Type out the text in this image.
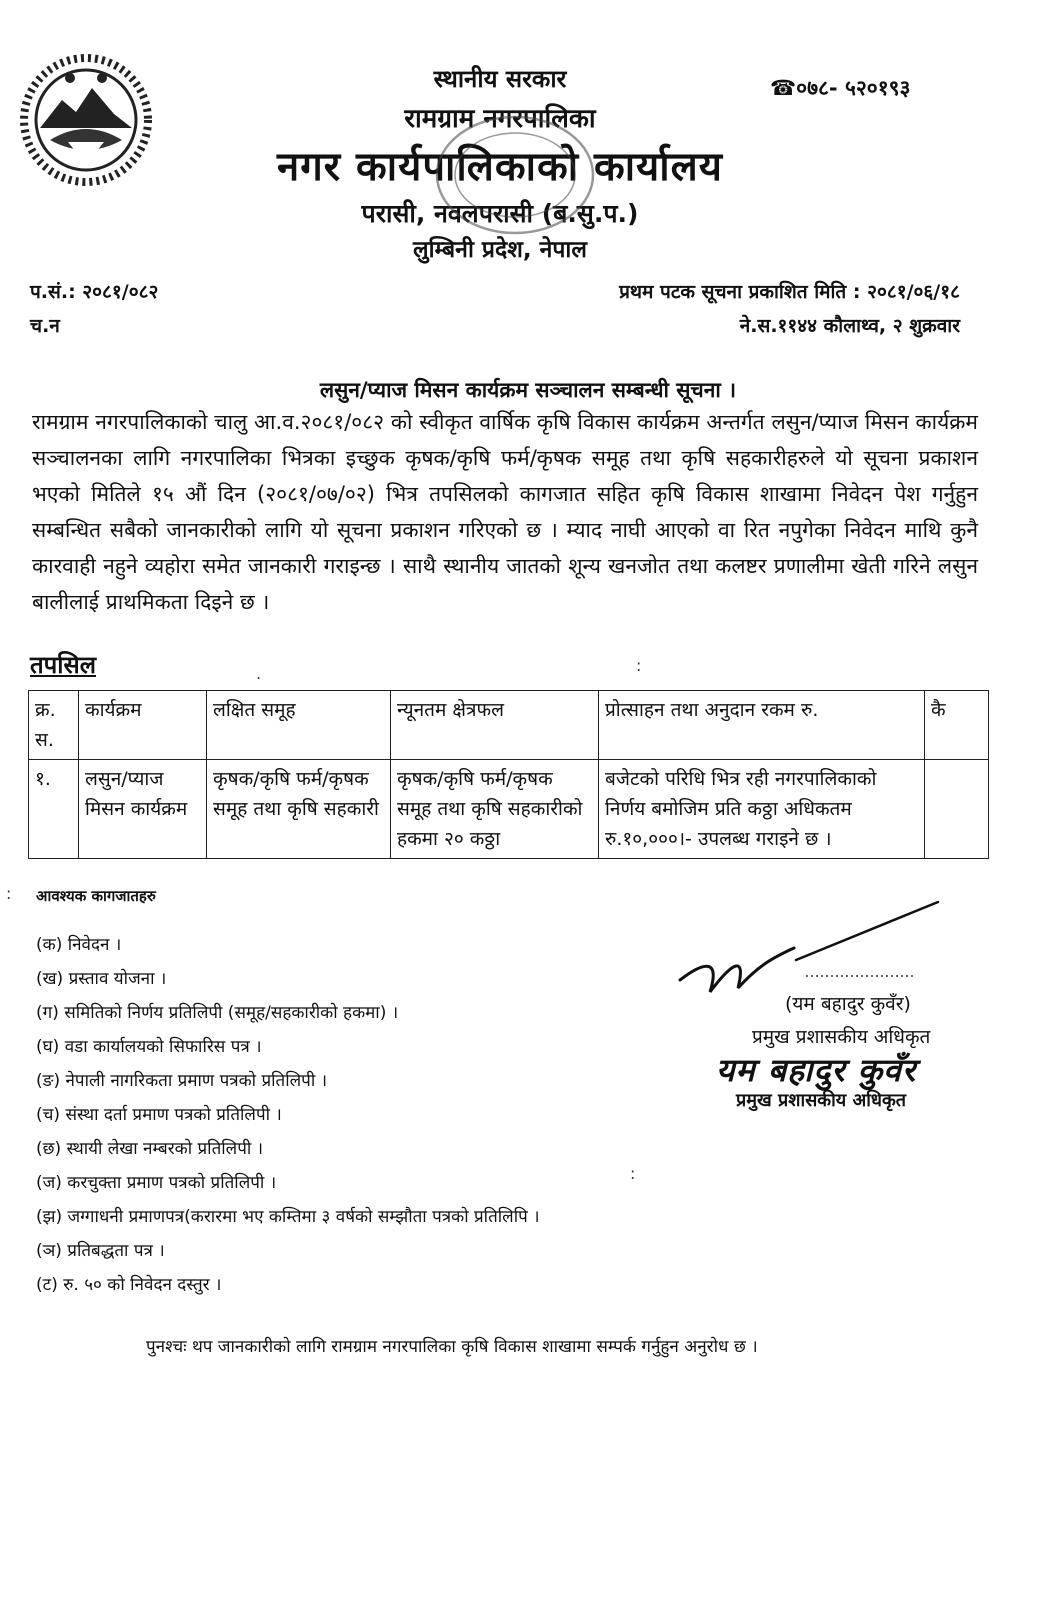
स्थानीय सरकार
रामग्राम नगरपालिका
नगर कार्यपालिकाको कार्यालय
परासी, नवलपरासी (ब.सु.प.)
लुम्बिनी प्रदेश, नेपाल
☎०७८- ५२०१९३
प.सं.: २०८१/०८२
च.न
प्रथम पटक सूचना प्रकाशित मिति : २०८१/०६/१८
ने.स.११४४ कौलाथ्व, २ शुक्रवार
लसुन/प्याज मिसन कार्यक्रम सञ्चालन सम्बन्धी सूचना ।

रामग्राम नगरपालिकाको चालु आ.व.२०८१/०८२ को स्वीकृत वार्षिक कृषि विकास कार्यक्रम अन्तर्गत लसुन/प्याज मिसन कार्यक्रम सञ्चालनका लागि नगरपालिका भित्रका इच्छुक कृषक/कृषि फर्म/कृषक समूह तथा कृषि सहकारीहरुले यो सूचना प्रकाशन भएको मितिले १५ औं दिन (२०८१/०७/०२) भित्र तपसिलको कागजात सहित कृषि विकास शाखामा निवेदन पेश गर्नुहुन सम्बन्धित सबैको जानकारीको लागि यो सूचना प्रकाशन गरिएको छ । म्याद नाघी आएको वा रित नपुगेका निवेदन माथि कुनै कारवाही नहुने व्यहोरा समेत जानकारी गराइन्छ । साथै स्थानीय जातको शून्य खनजोत तथा कलष्टर प्रणालीमा खेती गरिने लसुन बालीलाई प्राथमिकता दिइने छ ।

तपसिल	.	:
क्र. स.	कार्यक्रम	लक्षित समूह	न्यूनतम क्षेत्रफल	प्रोत्साहन तथा अनुदान रकम रु.	कै
१.	लसुन/प्याज मिसन कार्यक्रम	कृषक/कृषि फर्म/कृषक समूह तथा कृषि सहकारी	कृषक/कृषि फर्म/कृषक समूह तथा कृषि सहकारीको हकमा २० कठ्ठा	बजेटको परिधि भित्र रही नगरपालिकाको निर्णय बमोजिम प्रति कठ्ठा अधिकतम रु.१०,०००।- उपलब्ध गराइने छ ।	
: आवश्यक कागजातहरु
(क) निवेदन ।
(ख) प्रस्ताव योजना ।
(ग) समितिको निर्णय प्रतिलिपी (समूह/सहकारीको हकमा) ।
(घ) वडा कार्यालयको सिफारिस पत्र ।
(ङ) नेपाली नागरिकता प्रमाण पत्रको प्रतिलिपी ।
(च) संस्था दर्ता प्रमाण पत्रको प्रतिलिपी ।
(छ) स्थायी लेखा नम्बरको प्रतिलिपी ।
(ज) करचुक्ता प्रमाण पत्रको प्रतिलिपी ।
(झ) जग्गाधनी प्रमाणपत्र(करारमा भए कम्तिमा ३ वर्षको सम्झौता पत्रको प्रतिलिपि ।
(ञ) प्रतिबद्धता पत्र ।
(ट) रु. ५० को निवेदन दस्तुर ।
(यम बहादुर कुवँर)
प्रमुख प्रशासकीय अधिकृत
यम बहादुर कुवँर
प्रमुख प्रशासकीय अधिकृत
:
पुनश्चः थप जानकारीको लागि रामग्राम नगरपालिका कृषि विकास शाखामा सम्पर्क गर्नुहुन अनुरोध छ ।
